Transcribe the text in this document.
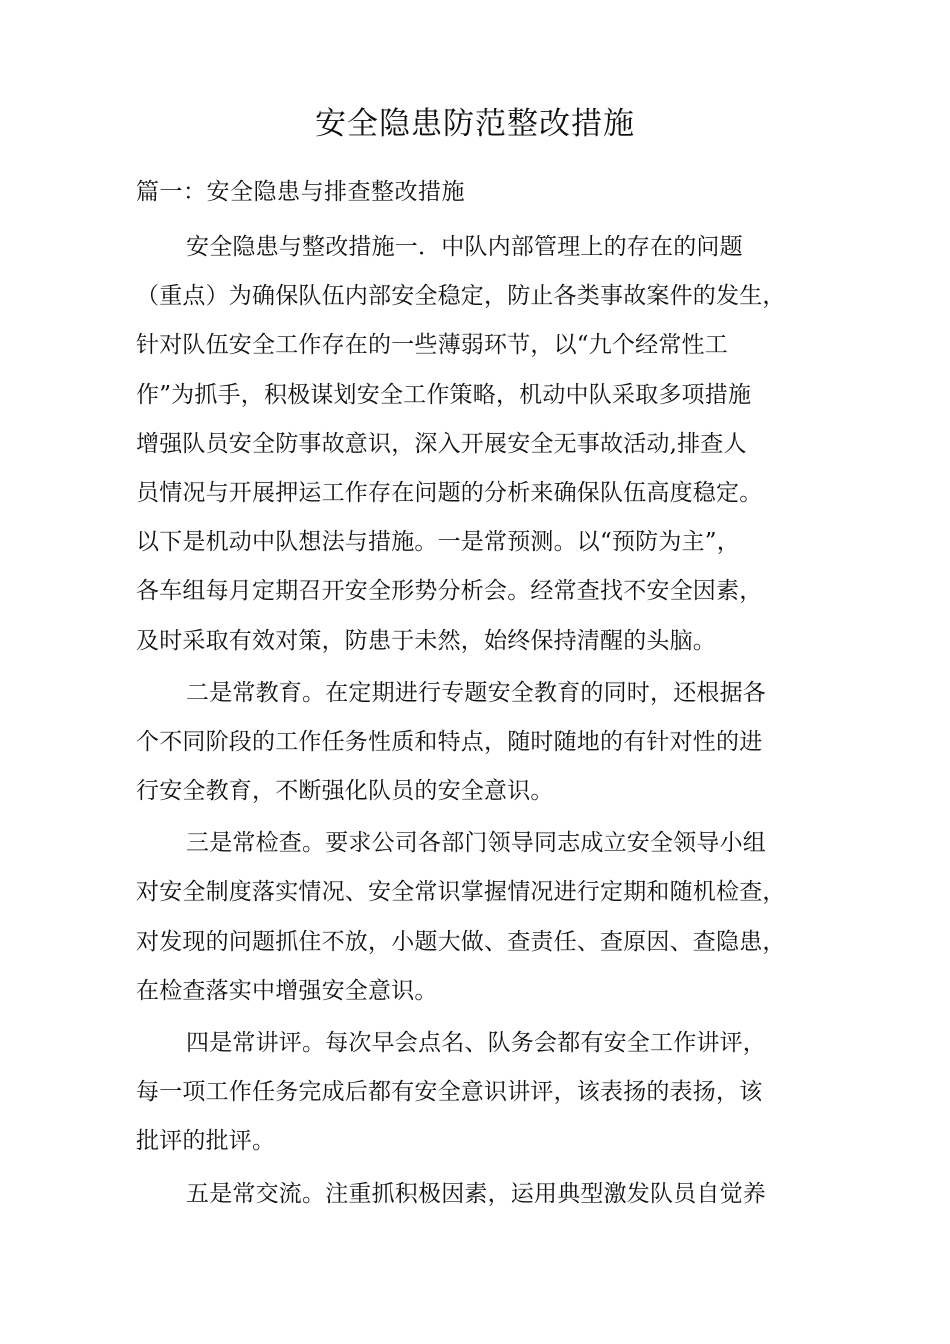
安全隐患防范整改措施
篇一：安全隐患与排查整改措施
安全隐患与整改措施一．中队内部管理上的存在的问题
（重点）为确保队伍内部安全稳定，防止各类事故案件的发生，
针对队伍安全工作存在的一些薄弱环节，以“九个经常性工
作”为抓手，积极谋划安全工作策略，机动中队采取多项措施
增强队员安全防事故意识，深入开展安全无事故活动,排查人
员情况与开展押运工作存在问题的分析来确保队伍高度稳定。
以下是机动中队想法与措施。一是常预测。以“预防为主”，
各车组每月定期召开安全形势分析会。经常查找不安全因素，
及时采取有效对策，防患于未然，始终保持清醒的头脑。
二是常教育。在定期进行专题安全教育的同时，还根据各
个不同阶段的工作任务性质和特点，随时随地的有针对性的进
行安全教育，不断强化队员的安全意识。
三是常检查。要求公司各部门领导同志成立安全领导小组
对安全制度落实情况、安全常识掌握情况进行定期和随机检查，
对发现的问题抓住不放，小题大做、查责任、查原因、查隐患，
在检查落实中增强安全意识。
四是常讲评。每次早会点名、队务会都有安全工作讲评，
每一项工作任务完成后都有安全意识讲评，该表扬的表扬，该
批评的批评。
五是常交流。注重抓积极因素，运用典型激发队员自觉养
